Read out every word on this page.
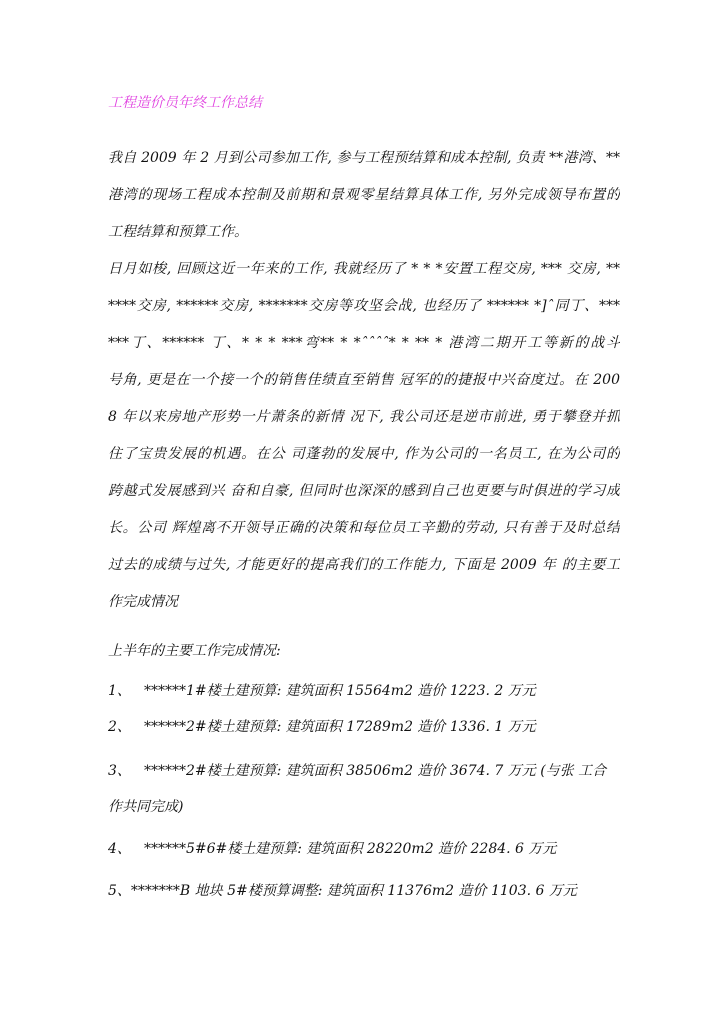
工程造价员年终工作总结
我自 2009 年 2 月到公司参加工作, 参与工程预结算和成本控制, 负责 **港湾、**
港湾的现场工程成本控制及前期和景观零星结算具体工作, 另外完成领导布置的
工程结算和预算工作。
日月如梭, 回顾这近一年来的工作, 我就经历了 * * *安置工程交房, *** 交房, **
****交房, ******交房, *******交房等攻坚会战, 也经历了 ****** *]ˆ同丁、***
***丁、****** 丁、* * * ***弯** * *ˆˆˆˆ* * ** * 港湾二期开工等新的战斗
号角, 更是在一个接一个的销售佳绩直至销售 冠军的的捷报中兴奋度过。在 200
8 年以来房地产形势一片萧条的新情 况下, 我公司还是逆市前进, 勇于攀登并抓
住了宝贵发展的机遇。在公 司蓬勃的发展中, 作为公司的一名员工, 在为公司的
跨越式发展感到兴 奋和自豪, 但同时也深深的感到自己也更要与时俱进的学习成
长。公司 辉煌离不开领导正确的决策和每位员工辛勤的劳动, 只有善于及时总结
过去的成绩与过失, 才能更好的提高我们的工作能力, 下面是 2009 年 的主要工
作完成情况
上半年的主要工作完成情况:
1、 ******1#楼土建预算: 建筑面积 15564m2 造价 1223. 2 万元
2、 ******2#楼土建预算: 建筑面积 17289m2 造价 1336. 1 万元
3、 ******2#楼土建预算: 建筑面积 38506m2 造价 3674. 7 万元 (与张 工合
作共同完成)
4、 ******5#6#楼土建预算: 建筑面积 28220m2 造价 2284. 6 万元
5、*******B 地块 5#楼预算调整: 建筑面积 11376m2 造价 1103. 6 万元
